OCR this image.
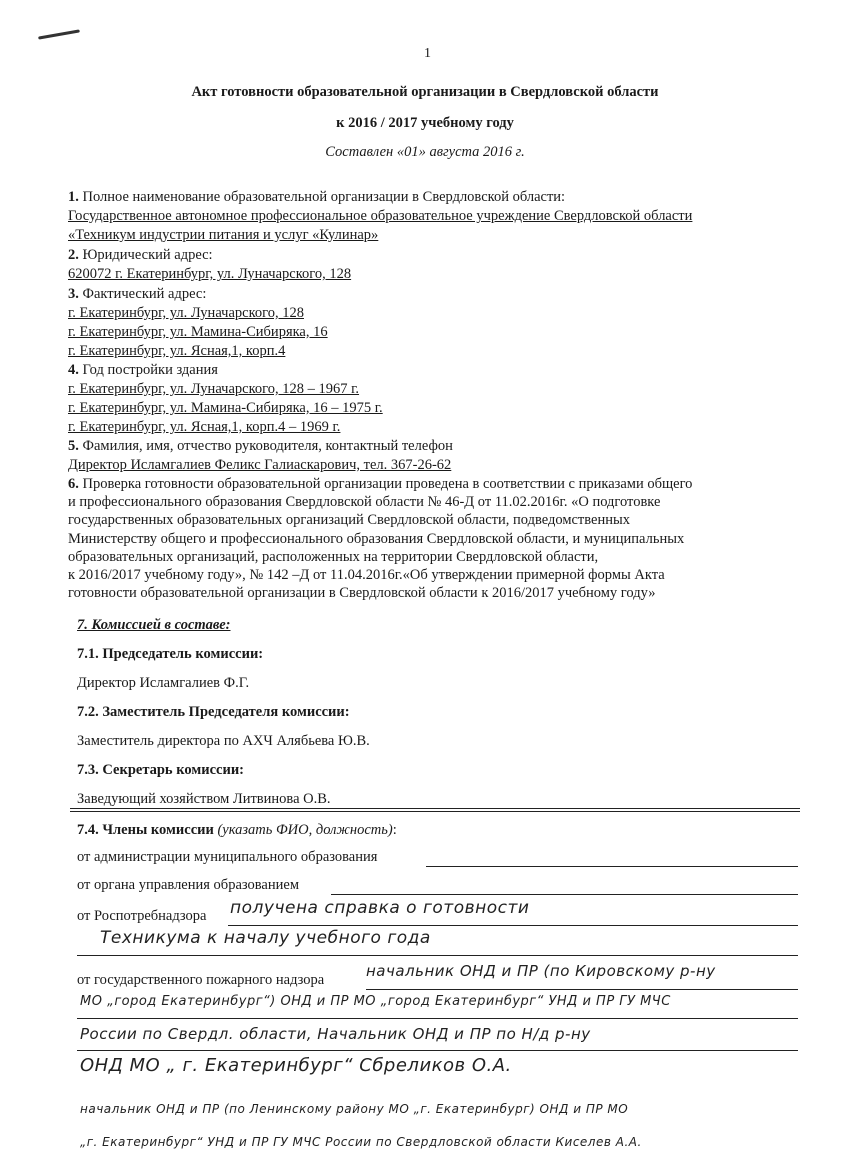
1
Акт готовности образовательной организации в Свердловской области
к 2016 / 2017 учебному году
Составлен «01» августа 2016 г.
1. Полное наименование образовательной организации в Свердловской области:
Государственное автономное профессиональное образовательное учреждение Свердловской области
«Техникум индустрии питания и услуг «Кулинар»
2. Юридический адрес:
620072 г. Екатеринбург, ул. Луначарского, 128
3. Фактический адрес:
г. Екатеринбург, ул. Луначарского, 128
г. Екатеринбург, ул. Мамина-Сибиряка, 16
г. Екатеринбург, ул. Ясная,1, корп.4
4. Год постройки здания
г. Екатеринбург, ул. Луначарского, 128 – 1967 г.
г. Екатеринбург, ул. Мамина-Сибиряка, 16 – 1975 г.
г. Екатеринбург, ул. Ясная,1, корп.4 – 1969 г.
5. Фамилия, имя, отчество руководителя, контактный телефон
Директор Исламгалиев Феликс Галиаскарович, тел. 367-26-62
6. Проверка готовности образовательной организации проведена в соответствии с приказами общего
и профессионального образования Свердловской области № 46-Д от 11.02.2016г. «О подготовке
государственных образовательных организаций Свердловской области, подведомственных
Министерству общего и профессионального образования Свердловской области, и муниципальных
образовательных организаций, расположенных на территории Свердловской области,
к 2016/2017 учебному году», № 142 –Д от 11.04.2016г.«Об утверждении примерной формы Акта
готовности образовательной организации в Свердловской области к 2016/2017 учебному году»
7. Комиссией в составе:
7.1. Председатель комиссии:
Директор Исламгалиев Ф.Г.
7.2. Заместитель Председателя комиссии:
Заместитель директора по АХЧ Алябьева Ю.В.
7.3. Секретарь комиссии:
Заведующий хозяйством Литвинова О.В.
7.4. Члены комиссии (указать ФИО, должность):
от администрации муниципального образования
от органа управления образованием
от Роспотребнадзора получена справка о готовности
Техникума к началу учебного года
от государственного пожарного надзора	начальник ОНД и ПР (по Кировскому р-ну
МО „город Екатеринбург“) ОНД и ПР МО „город Екатеринбург“ УНД и ПР ГУ МЧС
России по Свердл. области, Начальник ОНД и ПР по Н/д р-ну
ОНД МО „ г. Екатеринбург“ Сбреликов О.А.
начальник ОНД и ПР (по Ленинскому району МО „г. Екатеринбург) ОНД и ПР МО
„г. Екатеринбург“ УНД и ПР ГУ МЧС России по Свердловской области Киселев А.А.
